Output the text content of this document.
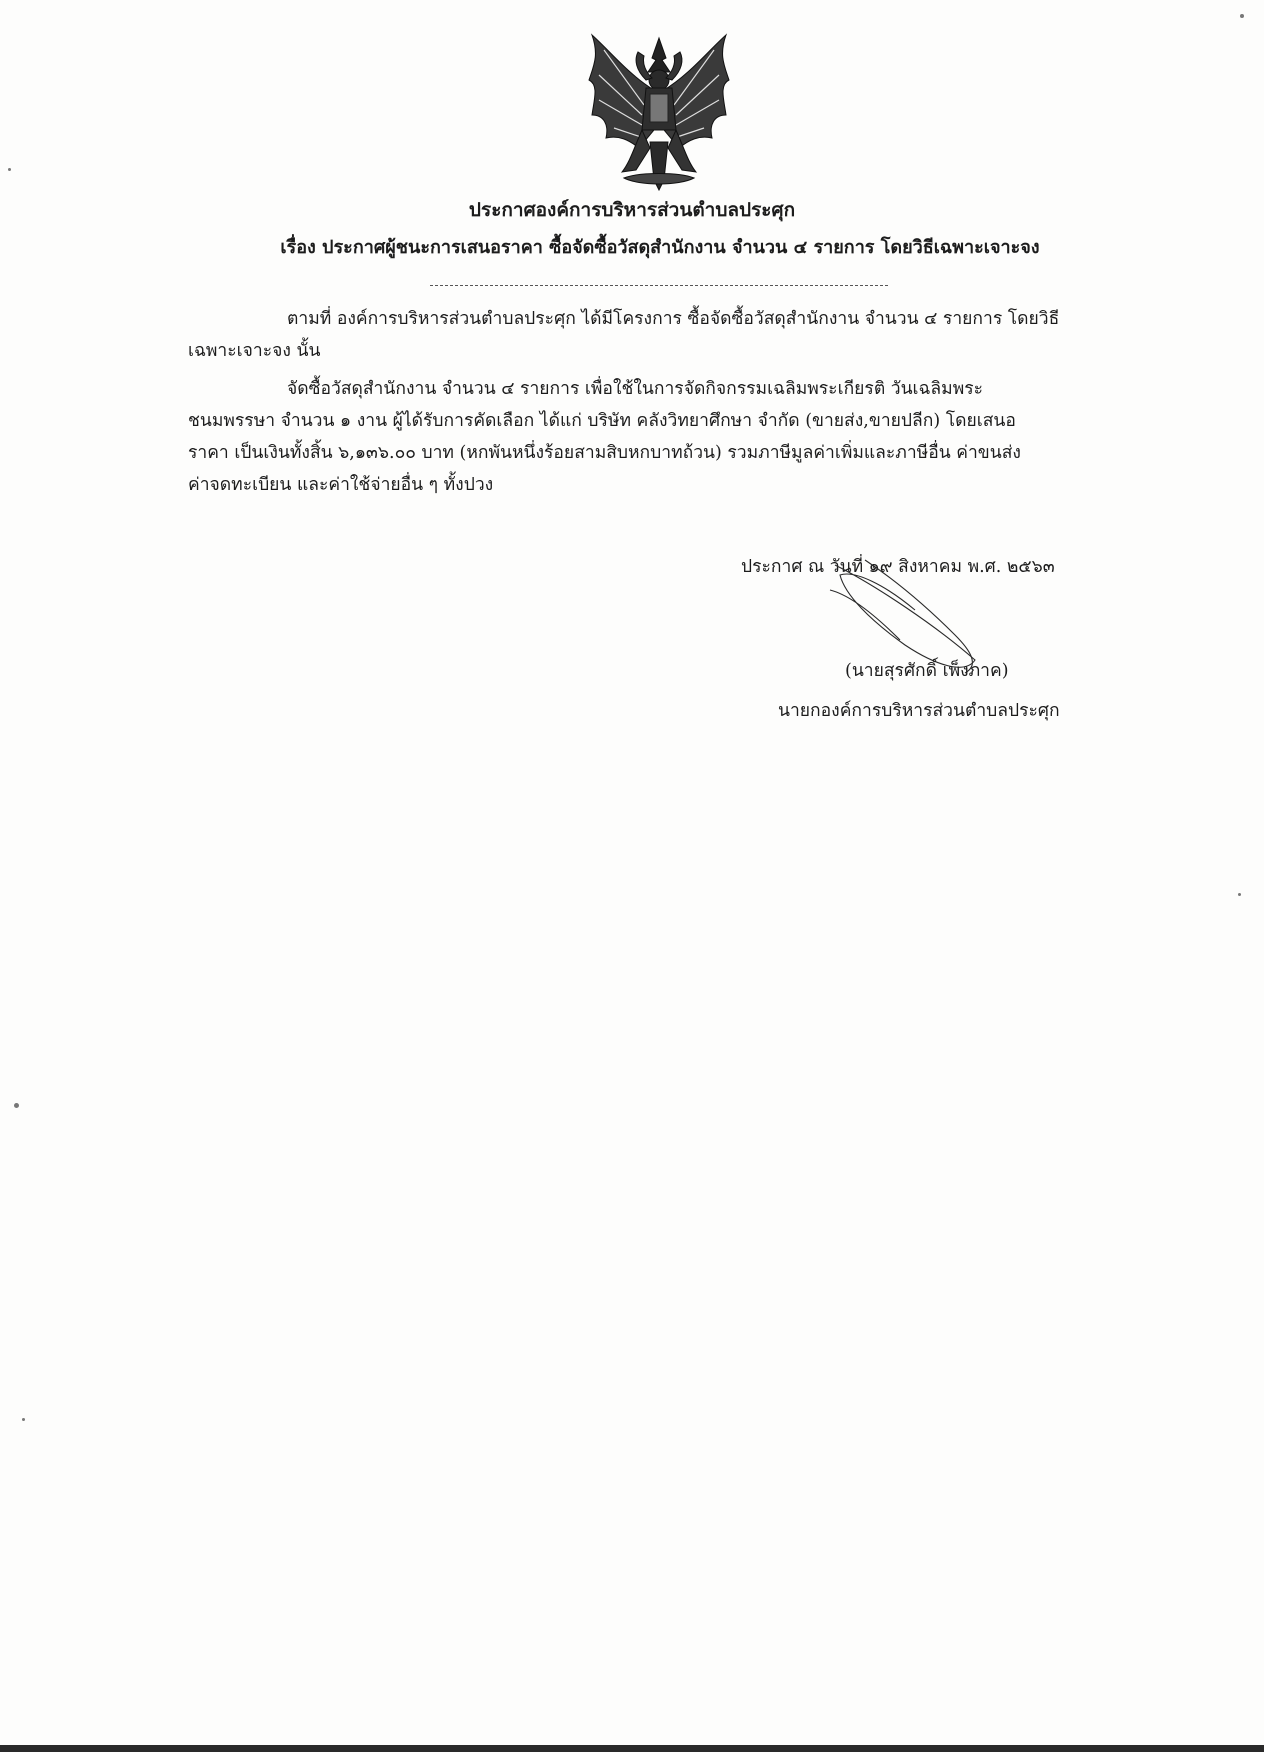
ประกาศองค์การบริหารส่วนตำบลประศุก
เรื่อง ประกาศผู้ชนะการเสนอราคา ซื้อจัดซื้อวัสดุสำนักงาน จำนวน ๔ รายการ โดยวิธีเฉพาะเจาะจง
ตามที่ องค์การบริหารส่วนตำบลประศุก ได้มีโครงการ ซื้อจัดซื้อวัสดุสำนักงาน จำนวน ๔ รายการ โดยวิธี
เฉพาะเจาะจง นั้น
จัดซื้อวัสดุสำนักงาน จำนวน ๔ รายการ เพื่อใช้ในการจัดกิจกรรมเฉลิมพระเกียรติ วันเฉลิมพระ
ชนมพรรษา จำนวน ๑ งาน ผู้ได้รับการคัดเลือก ได้แก่ บริษัท คลังวิทยาศึกษา จำกัด (ขายส่ง,ขายปลีก) โดยเสนอ
ราคา เป็นเงินทั้งสิ้น ๖,๑๓๖.๐๐ บาท (หกพันหนึ่งร้อยสามสิบหกบาทถ้วน) รวมภาษีมูลค่าเพิ่มและภาษีอื่น ค่าขนส่ง
ค่าจดทะเบียน และค่าใช้จ่ายอื่น ๆ ทั้งปวง
ประกาศ ณ วันที่ ๑๙ สิงหาคม พ.ศ. ๒๕๖๓
(นายสุรศักดิ์ เพ็งภาค)
นายกองค์การบริหารส่วนตำบลประศุก
